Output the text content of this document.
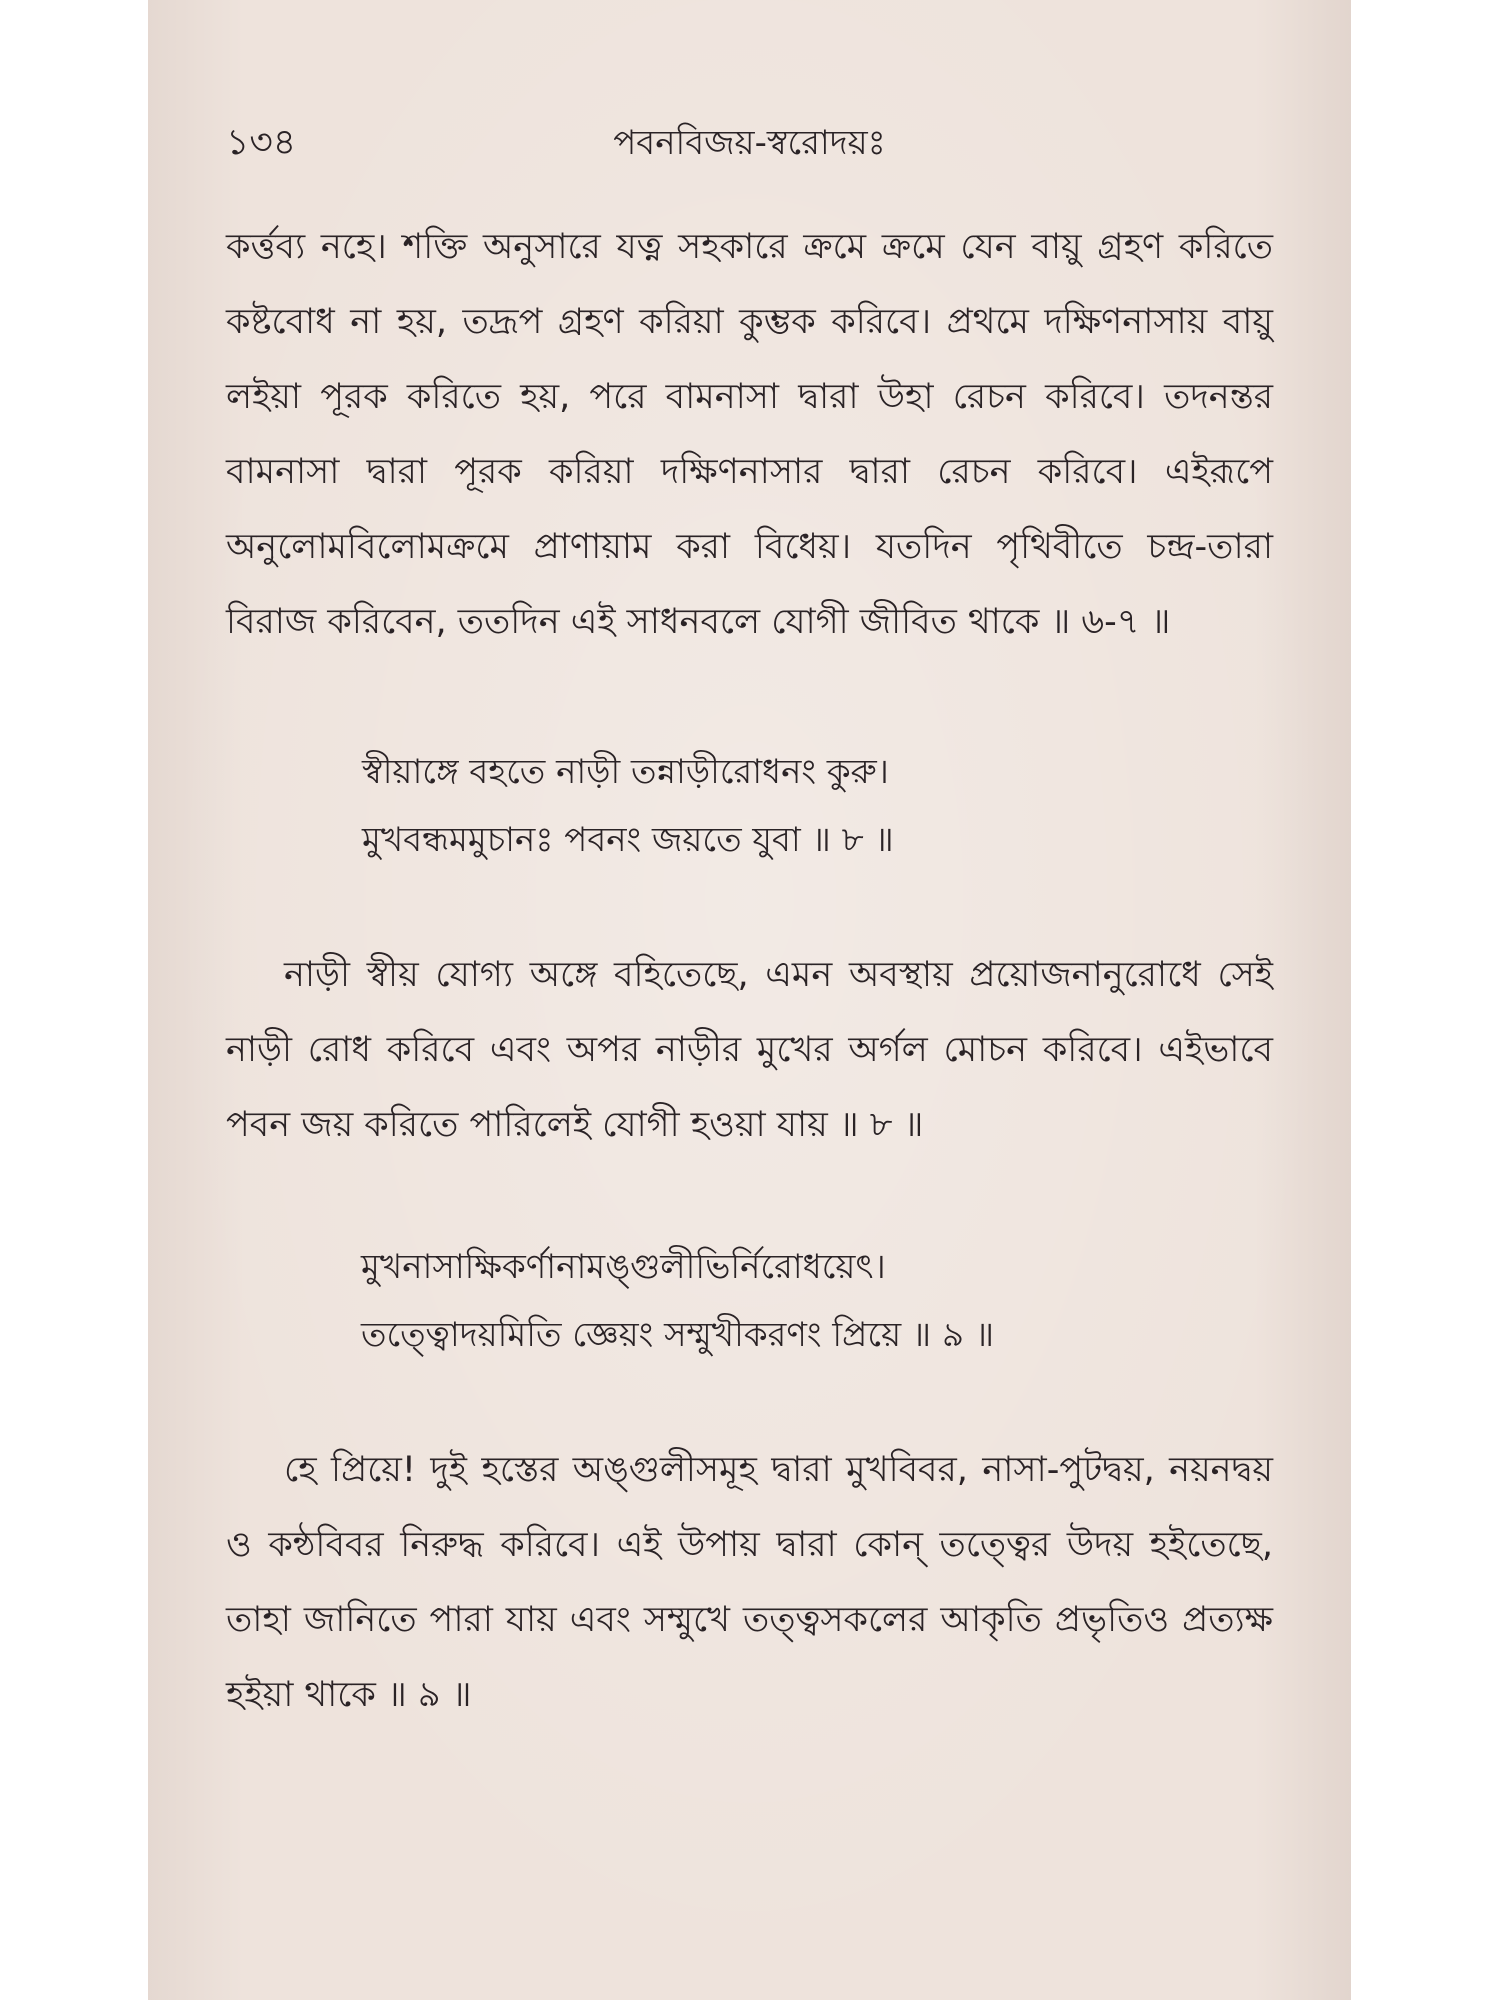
১৩৪	পবনবিজয়-স্বরোদয়ঃ

কর্ত্তব্য নহে। শক্তি অনুসারে যত্ন সহকারে ক্রমে ক্রমে যেন বায়ু গ্রহণ করিতে কষ্টবোধ না হয়, তদ্রূপ গ্রহণ করিয়া কুম্ভক করিবে। প্রথমে দক্ষিণনাসায় বায়ু লইয়া পূরক করিতে হয়, পরে বামনাসা দ্বারা উহা রেচন করিবে। তদনন্তর বামনাসা দ্বারা পূরক করিয়া দক্ষিণনাসার দ্বারা রেচন করিবে। এইরূপে অনুলোমবিলোমক্রমে প্রাণায়াম করা বিধেয়। যতদিন পৃথিবীতে চন্দ্র-তারা বিরাজ করিবেন, ততদিন এই সাধনবলে যোগী জীবিত থাকে ॥ ৬-৭ ॥

স্বীয়াঙ্গে বহতে নাড়ী তন্নাড়ীরোধনং কুরু।
মুখবন্ধমমুচানঃ পবনং জয়তে যুবা ॥ ৮ ॥

নাড়ী স্বীয় যোগ্য অঙ্গে বহিতেছে, এমন অবস্থায় প্রয়োজনানুরোধে সেই নাড়ী রোধ করিবে এবং অপর নাড়ীর মুখের অর্গল মোচন করিবে। এইভাবে পবন জয় করিতে পারিলেই যোগী হওয়া যায় ॥ ৮ ॥

মুখনাসাক্ষিকর্ণানামঙ্গুলীভির্নিরোধয়েৎ।
তত্ত্বোদয়মিতি জ্ঞেয়ং সম্মুখীকরণং প্রিয়ে ॥ ৯ ॥

হে প্রিয়ে! দুই হস্তের অঙ্গুলীসমূহ দ্বারা মুখবিবর, নাসা-পুটদ্বয়, নয়নদ্বয় ও কন্ঠবিবর নিরুদ্ধ করিবে। এই উপায় দ্বারা কোন্ তত্ত্বের উদয় হইতেছে, তাহা জানিতে পারা যায় এবং সম্মুখে তত্ত্বসকলের আকৃতি প্রভৃতিও প্রত্যক্ষ হইয়া থাকে ॥ ৯ ॥
